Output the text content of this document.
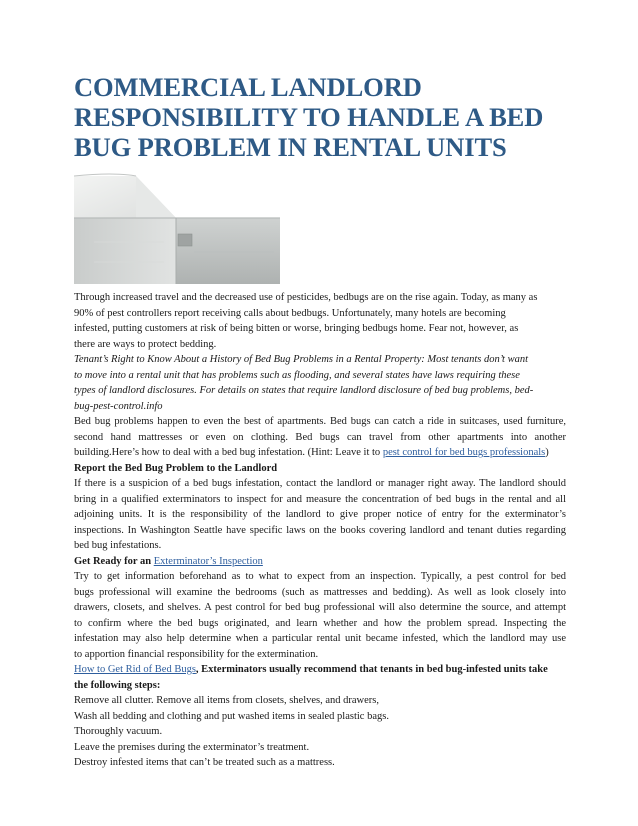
COMMERCIAL LANDLORD
RESPONSIBILITY TO HANDLE A BED
BUG PROBLEM IN RENTAL UNITS
Through increased travel and the decreased use of pesticides, bedbugs are on the rise again. Today, as many as
90% of pest controllers report receiving calls about bedbugs. Unfortunately, many hotels are becoming
infested, putting customers at risk of being bitten or worse, bringing bedbugs home. Fear not, however, as
there are ways to protect bedding.
Tenant’s Right to Know About a History of Bed Bug Problems in a Rental Property: Most tenants don’t want
to move into a rental unit that has problems such as flooding, and several states have laws requiring these
types of landlord disclosures. For details on states that require landlord disclosure of bed bug problems, bed-
bug-pest-control.info
Bed bug problems happen to even the best of apartments. Bed bugs can catch a ride in suitcases, used furniture,
second hand mattresses or even on clothing. Bed bugs can travel from other apartments into another
building.Here’s how to deal with a bed bug infestation. (Hint: Leave it to pest control for bed bugs professionals)
Report the Bed Bug Problem to the Landlord
If there is a suspicion of a bed bugs infestation, contact the landlord or manager right away. The landlord should
bring in a qualified exterminators to inspect for and measure the concentration of bed bugs in the rental and all
adjoining units. It is the responsibility of the landlord to give proper notice of entry for the exterminator’s
inspections. In Washington Seattle have specific laws on the books covering landlord and tenant duties regarding
bed bug infestations.
Get Ready for an Exterminator’s Inspection
Try to get information beforehand as to what to expect from an inspection. Typically, a pest control for bed
bugs professional will examine the bedrooms (such as mattresses and bedding). As well as look closely into
drawers, closets, and shelves. A pest control for bed bug professional will also determine the source, and attempt
to confirm where the bed bugs originated, and learn whether and how the problem spread. Inspecting the
infestation may also help determine when a particular rental unit became infested, which the landlord may use
to apportion financial responsibility for the extermination.
How to Get Rid of Bed Bugs, Exterminators usually recommend that tenants in bed bug-infested units take
the following steps:
Remove all clutter. Remove all items from closets, shelves, and drawers,
Wash all bedding and clothing and put washed items in sealed plastic bags.
Thoroughly vacuum.
Leave the premises during the exterminator’s treatment.
Destroy infested items that can’t be treated such as a mattress.
